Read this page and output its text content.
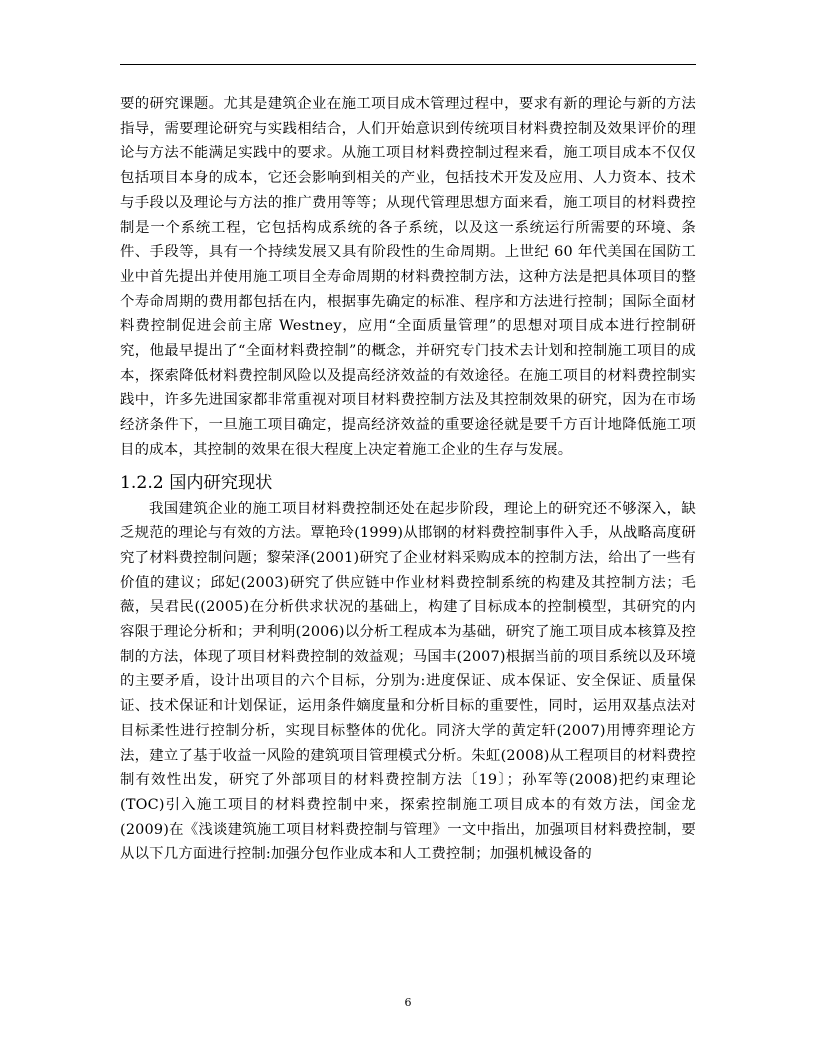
要的研究课题。尤其是建筑企业在施工项目成木管理过程中，要求有新的理论与新的方法指导，需要理论研究与实践相结合，人们开始意识到传统项目材料费控制及效果评价的理论与方法不能满足实践中的要求。从施工项目材料费控制过程来看，施工项目成本不仅仅包括项目本身的成本，它还会影响到相关的产业，包括技术开发及应用、人力资本、技术与手段以及理论与方法的推广费用等等；从现代管理思想方面来看，施工项目的材料费控制是一个系统工程，它包括构成系统的各子系统，以及这一系统运行所需要的环境、条件、手段等，具有一个持续发展又具有阶段性的生命周期。上世纪 60 年代美国在国防工业中首先提出并使用施工项目全寿命周期的材料费控制方法，这种方法是把具体项目的整个寿命周期的费用都包括在内，根据事先确定的标准、程序和方法进行控制；国际全面材料费控制促进会前主席 Westney，应用“全面质量管理”的思想对项目成本进行控制研究，他最早提出了“全面材料费控制”的概念，并研究专门技术去计划和控制施工项目的成本，探索降低材料费控制风险以及提高经济效益的有效途径。在施工项目的材料费控制实践中，许多先进国家都非常重视对项目材料费控制方法及其控制效果的研究，因为在市场经济条件下，一旦施工项目确定，提高经济效益的重要途径就是要千方百计地降低施工项目的成本，其控制的效果在很大程度上决定着施工企业的生存与发展。

1.2.2 国内研究现状

我国建筑企业的施工项目材料费控制还处在起步阶段，理论上的研究还不够深入，缺乏规范的理论与有效的方法。覃艳玲(1999)从邯钢的材料费控制事件入手，从战略高度研究了材料费控制问题；黎荣泽(2001)研究了企业材料采购成本的控制方法，给出了一些有价值的建议；邱妃(2003)研究了供应链中作业材料费控制系统的构建及其控制方法；毛薇，吴君民((2005)在分析供求状况的基础上，构建了目标成本的控制模型，其研究的内容限于理论分析和；尹利明(2006)以分析工程成本为基础，研究了施工项目成本核算及控制的方法，体现了项目材料费控制的效益观；马国丰(2007)根据当前的项目系统以及环境的主要矛盾，设计出项目的六个目标，分别为:进度保证、成本保证、安全保证、质量保证、技术保证和计划保证，运用条件嫡度量和分析目标的重要性，同时，运用双基点法对目标柔性进行控制分析，实现目标整体的优化。同济大学的黄定轩(2007)用博弈理论方法，建立了基于收益一风险的建筑项目管理模式分析。朱虹(2008)从工程项目的材料费控制有效性出发，研究了外部项目的材料费控制方法〔19〕；孙军等(2008)把约束理论(TOC)引入施工项目的材料费控制中来，探索控制施工项目成本的有效方法，闰金龙(2009)在《浅谈建筑施工项目材料费控制与管理》一文中指出，加强项目材料费控制，要从以下几方面进行控制:加强分包作业成本和人工费控制；加强机械设备的

6
